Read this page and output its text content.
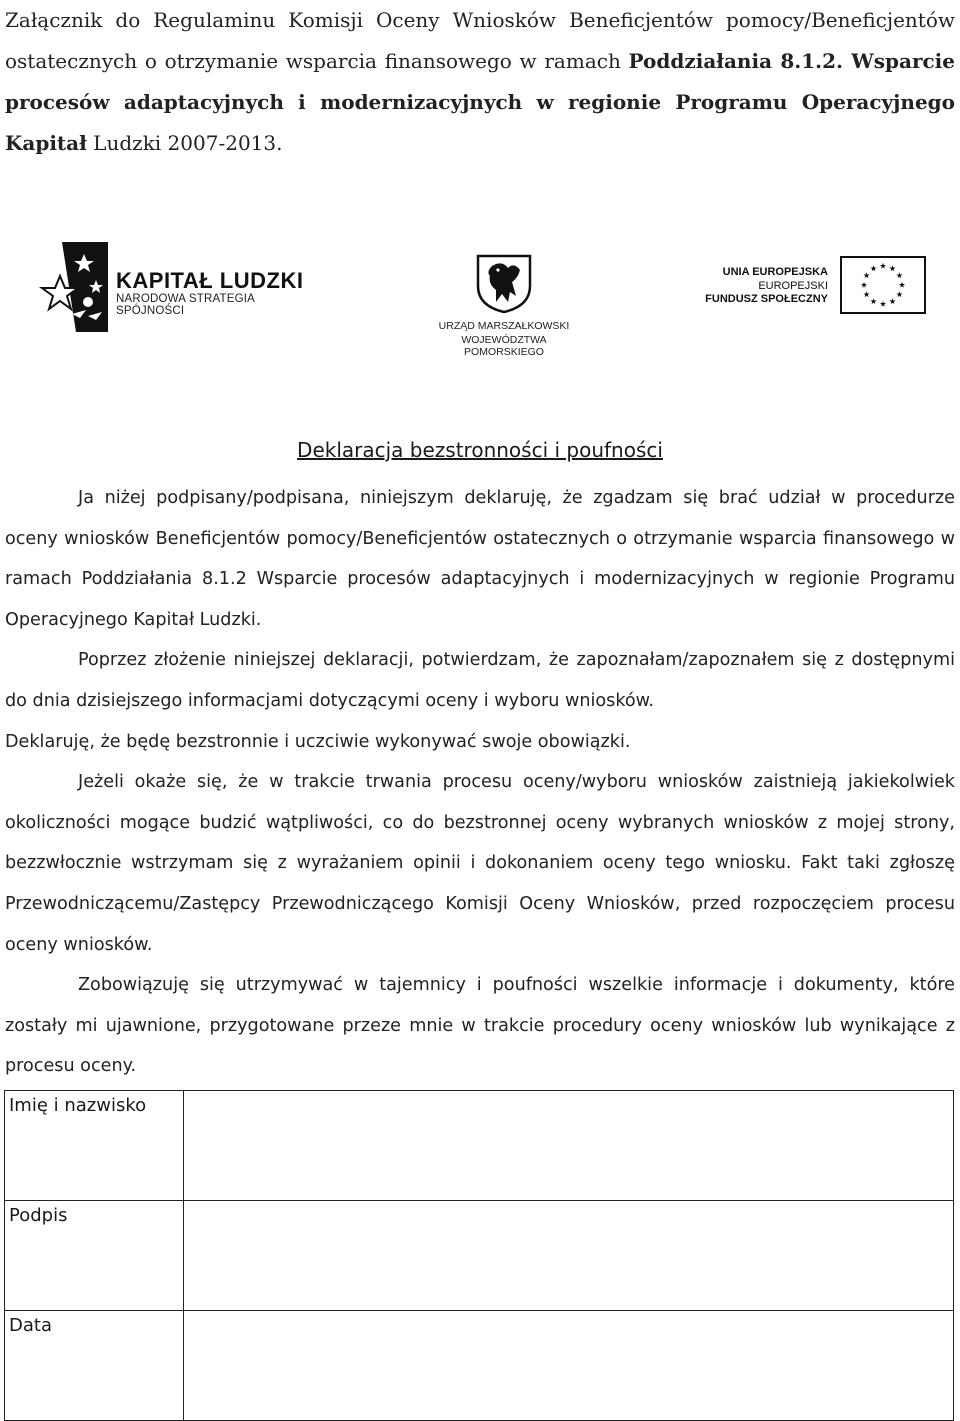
Załącznik do Regulaminu Komisji Oceny Wniosków Beneficjentów pomocy/Beneficjentów ostatecznych o otrzymanie wsparcia finansowego w ramach Poddziałania 8.1.2. Wsparcie procesów adaptacyjnych i modernizacyjnych w regionie Programu Operacyjnego Kapitał Ludzki 2007-2013.
KAPITAŁ LUDZKI
NARODOWA STRATEGIA SPÓJNOŚCI
URZĄD MARSZAŁKOWSKI
WOJEWÓDZTWA POMORSKIEGO
UNIA EUROPEJSKA
EUROPEJSKI
FUNDUSZ SPOŁECZNY
Deklaracja bezstronności i poufności

Ja niżej podpisany/podpisana, niniejszym deklaruję, że zgadzam się brać udział w procedurze oceny wniosków Beneficjentów pomocy/Beneficjentów ostatecznych o otrzymanie wsparcia finansowego w ramach Poddziałania 8.1.2 Wsparcie procesów adaptacyjnych i modernizacyjnych w regionie Programu Operacyjnego Kapitał Ludzki.

Poprzez złożenie niniejszej deklaracji, potwierdzam, że zapoznałam/zapoznałem się z dostępnymi do dnia dzisiejszego informacjami dotyczącymi oceny i wyboru wniosków.

Deklaruję, że będę bezstronnie i uczciwie wykonywać swoje obowiązki.

Jeżeli okaże się, że w trakcie trwania procesu oceny/wyboru wniosków zaistnieją jakiekolwiek okoliczności mogące budzić wątpliwości, co do bezstronnej oceny wybranych wniosków z mojej strony, bezzwłocznie wstrzymam się z wyrażaniem opinii i dokonaniem oceny tego wniosku. Fakt taki zgłoszę Przewodniczącemu/Zastępcy Przewodniczącego Komisji Oceny Wniosków, przed rozpoczęciem procesu oceny wniosków.

Zobowiązuję się utrzymywać w tajemnicy i poufności wszelkie informacje i dokumenty, które zostały mi ujawnione, przygotowane przeze mnie w trakcie procedury oceny wniosków lub wynikające z procesu oceny.

Imię i nazwisko	
Podpis	
Data	
